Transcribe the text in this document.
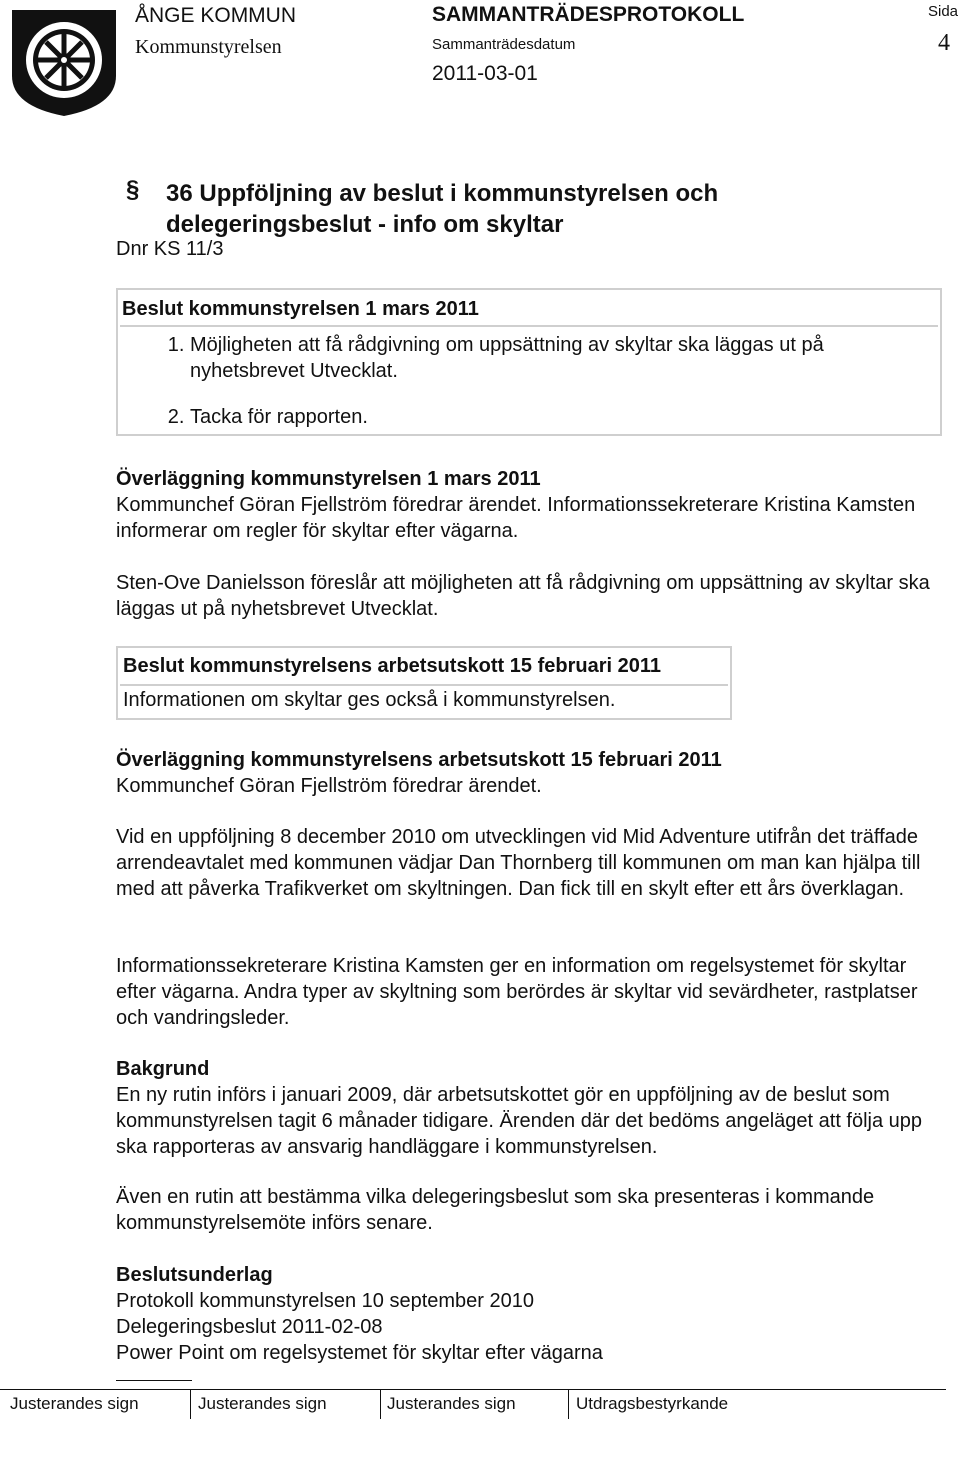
ÅNGE KOMMUN
Kommunstyrelsen
SAMMANTRÄDESPROTOKOLL
Sammanträdesdatum
2011-03-01
Sida
4
§ 36 Uppföljning av beslut i kommunstyrelsen och delegeringsbeslut - info om skyltar
Dnr KS 11/3
Beslut kommunstyrelsen 1 mars 2011
1. Möjligheten att få rådgivning om uppsättning av skyltar ska läggas ut på nyhetsbrevet Utvecklat.
2. Tacka för rapporten.
Överläggning kommunstyrelsen 1 mars 2011
Kommunchef Göran Fjellström föredrar ärendet. Informationssekreterare Kristina Kamsten informerar om regler för skyltar efter vägarna.
Sten-Ove Danielsson föreslår att möjligheten att få rådgivning om uppsättning av skyltar ska läggas ut på nyhetsbrevet Utvecklat.
Beslut kommunstyrelsens arbetsutskott 15 februari 2011
Informationen om skyltar ges också i kommunstyrelsen.
Överläggning kommunstyrelsens arbetsutskott 15 februari 2011
Kommunchef Göran Fjellström föredrar ärendet.
Vid en uppföljning 8 december 2010 om utvecklingen vid Mid Adventure utifrån det träffade arrendeavtalet med kommunen vädjar Dan Thornberg till kommunen om man kan hjälpa till med att påverka Trafikverket om skyltningen. Dan fick till en skylt efter ett års överklagan.
Informationssekreterare Kristina Kamsten ger en information om regelsystemet för skyltar efter vägarna. Andra typer av skyltning som berördes är skyltar vid sevärdheter, rastplatser och vandringsleder.
Bakgrund
En ny rutin införs i januari 2009, där arbetsutskottet gör en uppföljning av de beslut som kommunstyrelsen tagit 6 månader tidigare. Ärenden där det bedöms angeläget att följa upp ska rapporteras av ansvarig handläggare i kommunstyrelsen.
Även en rutin att bestämma vilka delegeringsbeslut som ska presenteras i kommande kommunstyrelsemöte införs senare.
Beslutsunderlag
Protokoll kommunstyrelsen 10 september 2010
Delegeringsbeslut 2011-02-08
Power Point om regelsystemet för skyltar efter vägarna
Justerandes sign	Justerandes sign	Justerandes sign	Utdragsbestyrkande
